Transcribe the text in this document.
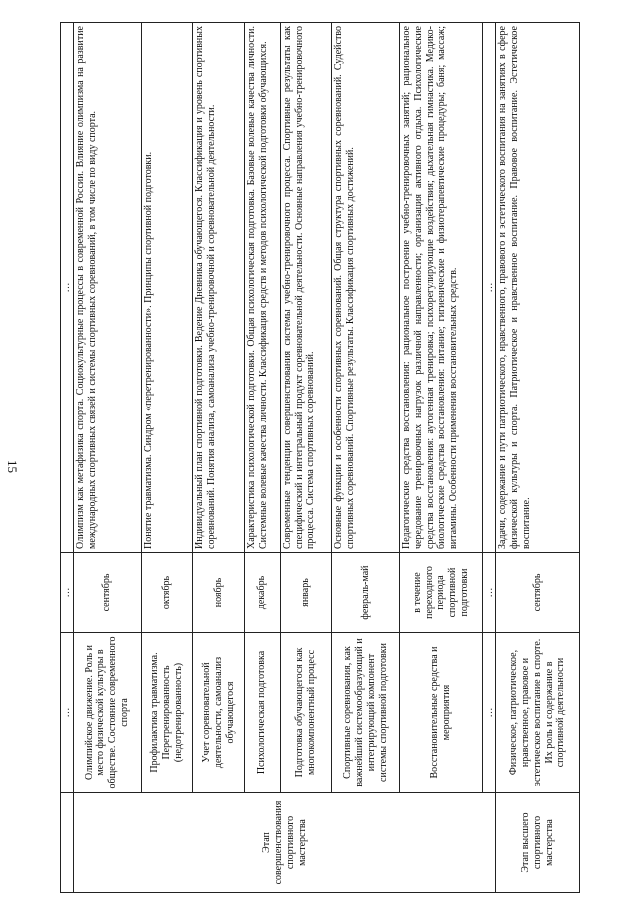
15
	…	…	…
Этап совершенствования спортивного мастерства	Олимпийское движение. Роль и место физической культуры в обществе. Состояние современного спорта	сентябрь	Олимпизм как метафизика спорта. Социокультурные процессы в современной России. Влияние олимпизма на развитие международных спортивных связей и системы спортивных соревнований, в том числе по виду спорта.
	Профилактика травматизма. Перетренированность (недотренированность)	октябрь	Понятие травматизма. Синдром «перетренированности». Принципы спортивной подготовки.
	Учет соревновательной деятельности, самоанализ обучающегося	ноябрь	Индивидуальный план спортивной подготовки. Ведение Дневника обучающегося. Классификация и уровень спортивных соревнований. Понятия анализа, самоанализа учебно-тренировочной и соревновательной деятельности.
	Психологическая подготовка	декабрь	Характеристика психологической подготовки. Общая психологическая подготовка. Базовые волевые качества личности. Системные волевые качества личности. Классификация средств и методов психологической подготовки обучающихся.
	Подготовка обучающегося как многокомпонентный процесс	январь	Современные тенденции совершенствования системы учебно-тренировочного процесса. Спортивные результаты как специфический и интегральный продукт соревновательной деятельности. Основные направления учебно-тренировочного процесса. Система спортивных соревнований.
	Спортивные соревнования, как важнейший системообразующий и интегрирующий компонент системы спортивной подготовки	февраль-май	Основные функции и особенности спортивных соревнований. Общая структура спортивных соревнований. Судейство спортивных соревнований. Спортивные результаты. Классификация спортивных достижений.
	Восстановительные средства и мероприятия	в течение переходного периода спортивной подготовки	Педагогические средства восстановления: рациональное построение учебно-тренировочных занятий; рациональное чередование тренировочных нагрузок различной направленности; организация активного отдыха. Психологические средства восстановления: аутогенная тренировка; психорегулирующие воздействия; дыхательная гимнастика. Медико-биологические средства восстановления: питание; гигиенические и физиотерапевтические процедуры; баня; массаж; витамины. Особенности применения восстановительных средств.
	…	…	…
Этап высшего спортивного мастерства	Физическое, патриотическое, нравственное, правовое и эстетическое воспитание в спорте. Их роль и содержание в спортивной деятельности	сентябрь	Задачи, содержание и пути патриотического, нравственного, правового и эстетического воспитания на занятиях в сфере физической культуры и спорта. Патриотическое и нравственное воспитание. Правовое воспитание. Эстетическое воспитание.
